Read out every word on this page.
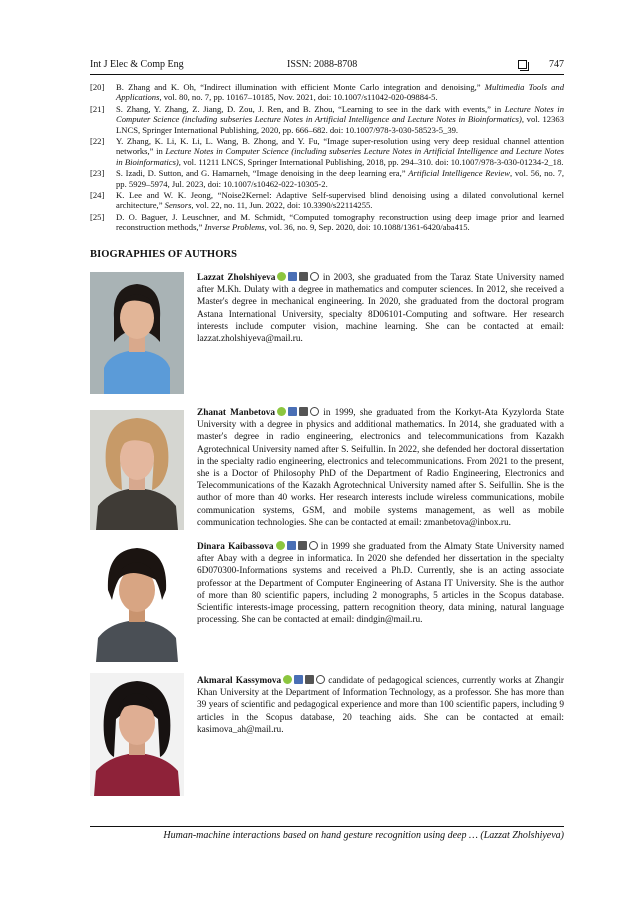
Int J Elec & Comp Eng	ISSN: 2088-8708	747
[20] B. Zhang and K. Oh, “Indirect illumination with efficient Monte Carlo integration and denoising,” Multimedia Tools and Applications, vol. 80, no. 7, pp. 10167–10185, Nov. 2021, doi: 10.1007/s11042-020-09884-5.
[21] S. Zhang, Y. Zhang, Z. Jiang, D. Zou, J. Ren, and B. Zhou, “Learning to see in the dark with events,” in Lecture Notes in Computer Science (including subseries Lecture Notes in Artificial Intelligence and Lecture Notes in Bioinformatics), vol. 12363 LNCS, Springer International Publishing, 2020, pp. 666–682. doi: 10.1007/978-3-030-58523-5_39.
[22] Y. Zhang, K. Li, K. Li, L. Wang, B. Zhong, and Y. Fu, “Image super-resolution using very deep residual channel attention networks,” in Lecture Notes in Computer Science (including subseries Lecture Notes in Artificial Intelligence and Lecture Notes in Bioinformatics), vol. 11211 LNCS, Springer International Publishing, 2018, pp. 294–310. doi: 10.1007/978-3-030-01234-2_18.
[23] S. Izadi, D. Sutton, and G. Hamarneh, “Image denoising in the deep learning era,” Artificial Intelligence Review, vol. 56, no. 7, pp. 5929–5974, Jul. 2023, doi: 10.1007/s10462-022-10305-2.
[24] K. Lee and W. K. Jeong, “Noise2Kernel: Adaptive Self-supervised blind denoising using a dilated convolutional kernel architecture,” Sensors, vol. 22, no. 11, Jun. 2022, doi: 10.3390/s22114255.
[25] D. O. Baguer, J. Leuschner, and M. Schmidt, “Computed tomography reconstruction using deep image prior and learned reconstruction methods,” Inverse Problems, vol. 36, no. 9, Sep. 2020, doi: 10.1088/1361-6420/aba415.
BIOGRAPHIES OF AUTHORS
Lazzat Zholshiyeva	in 2003, she graduated from the Taraz State University named after M.Kh. Dulaty with a degree in mathematics and computer sciences. In 2012, she received a Master's degree in mechanical engineering. In 2020, she graduated from the doctoral program Astana International University, specialty 8D06101-Computing and software. Her research interests include computer vision, machine learning. She can be contacted at email: lazzat.zholshiyeva@mail.ru.
Zhanat Manbetova	in 1999, she graduated from the Korkyt-Ata Kyzylorda State University with a degree in physics and additional mathematics. In 2014, she graduated with a master's degree in radio engineering, electronics and telecommunications from Kazakh Agrotechnical University named after S. Seifullin. In 2022, she defended her doctoral dissertation in the specialty radio engineering, electronics and telecommunications. From 2021 to the present, she is a Doctor of Philosophy PhD of the Department of Radio Engineering, Electronics and Telecommunications of the Kazakh Agrotechnical University named after S. Seifullin. She is the author of more than 40 works. Her research interests include wireless communications, mobile communication systems, GSM, and mobile systems management, as well as mobile communication technologies. She can be contacted at email: zmanbetova@inbox.ru.
Dinara Kaibassova	in 1999 she graduated from the Almaty State University named after Abay with a degree in informatica. In 2020 she defended her dissertation in the specialty 6D070300-Informations systems and received a Ph.D. Currently, she is an acting associate professor at the Department of Computer Engineering of Astana IT University. She is the author of more than 80 scientific papers, including 2 monographs, 5 articles in the Scopus database. Scientific interests-image processing, pattern recognition theory, data mining, natural language processing. She can be contacted at email: dindgin@mail.ru.
Akmaral Kassymova	candidate of pedagogical sciences, currently works at Zhangir Khan University at the Department of Information Technology, as a professor. She has more than 39 years of scientific and pedagogical experience and more than 100 scientific papers, including 9 articles in the Scopus database, 20 teaching aids. She can be contacted at email: kasimova_ah@mail.ru.
Human-machine interactions based on hand gesture recognition using deep … (Lazzat Zholshiyeva)
